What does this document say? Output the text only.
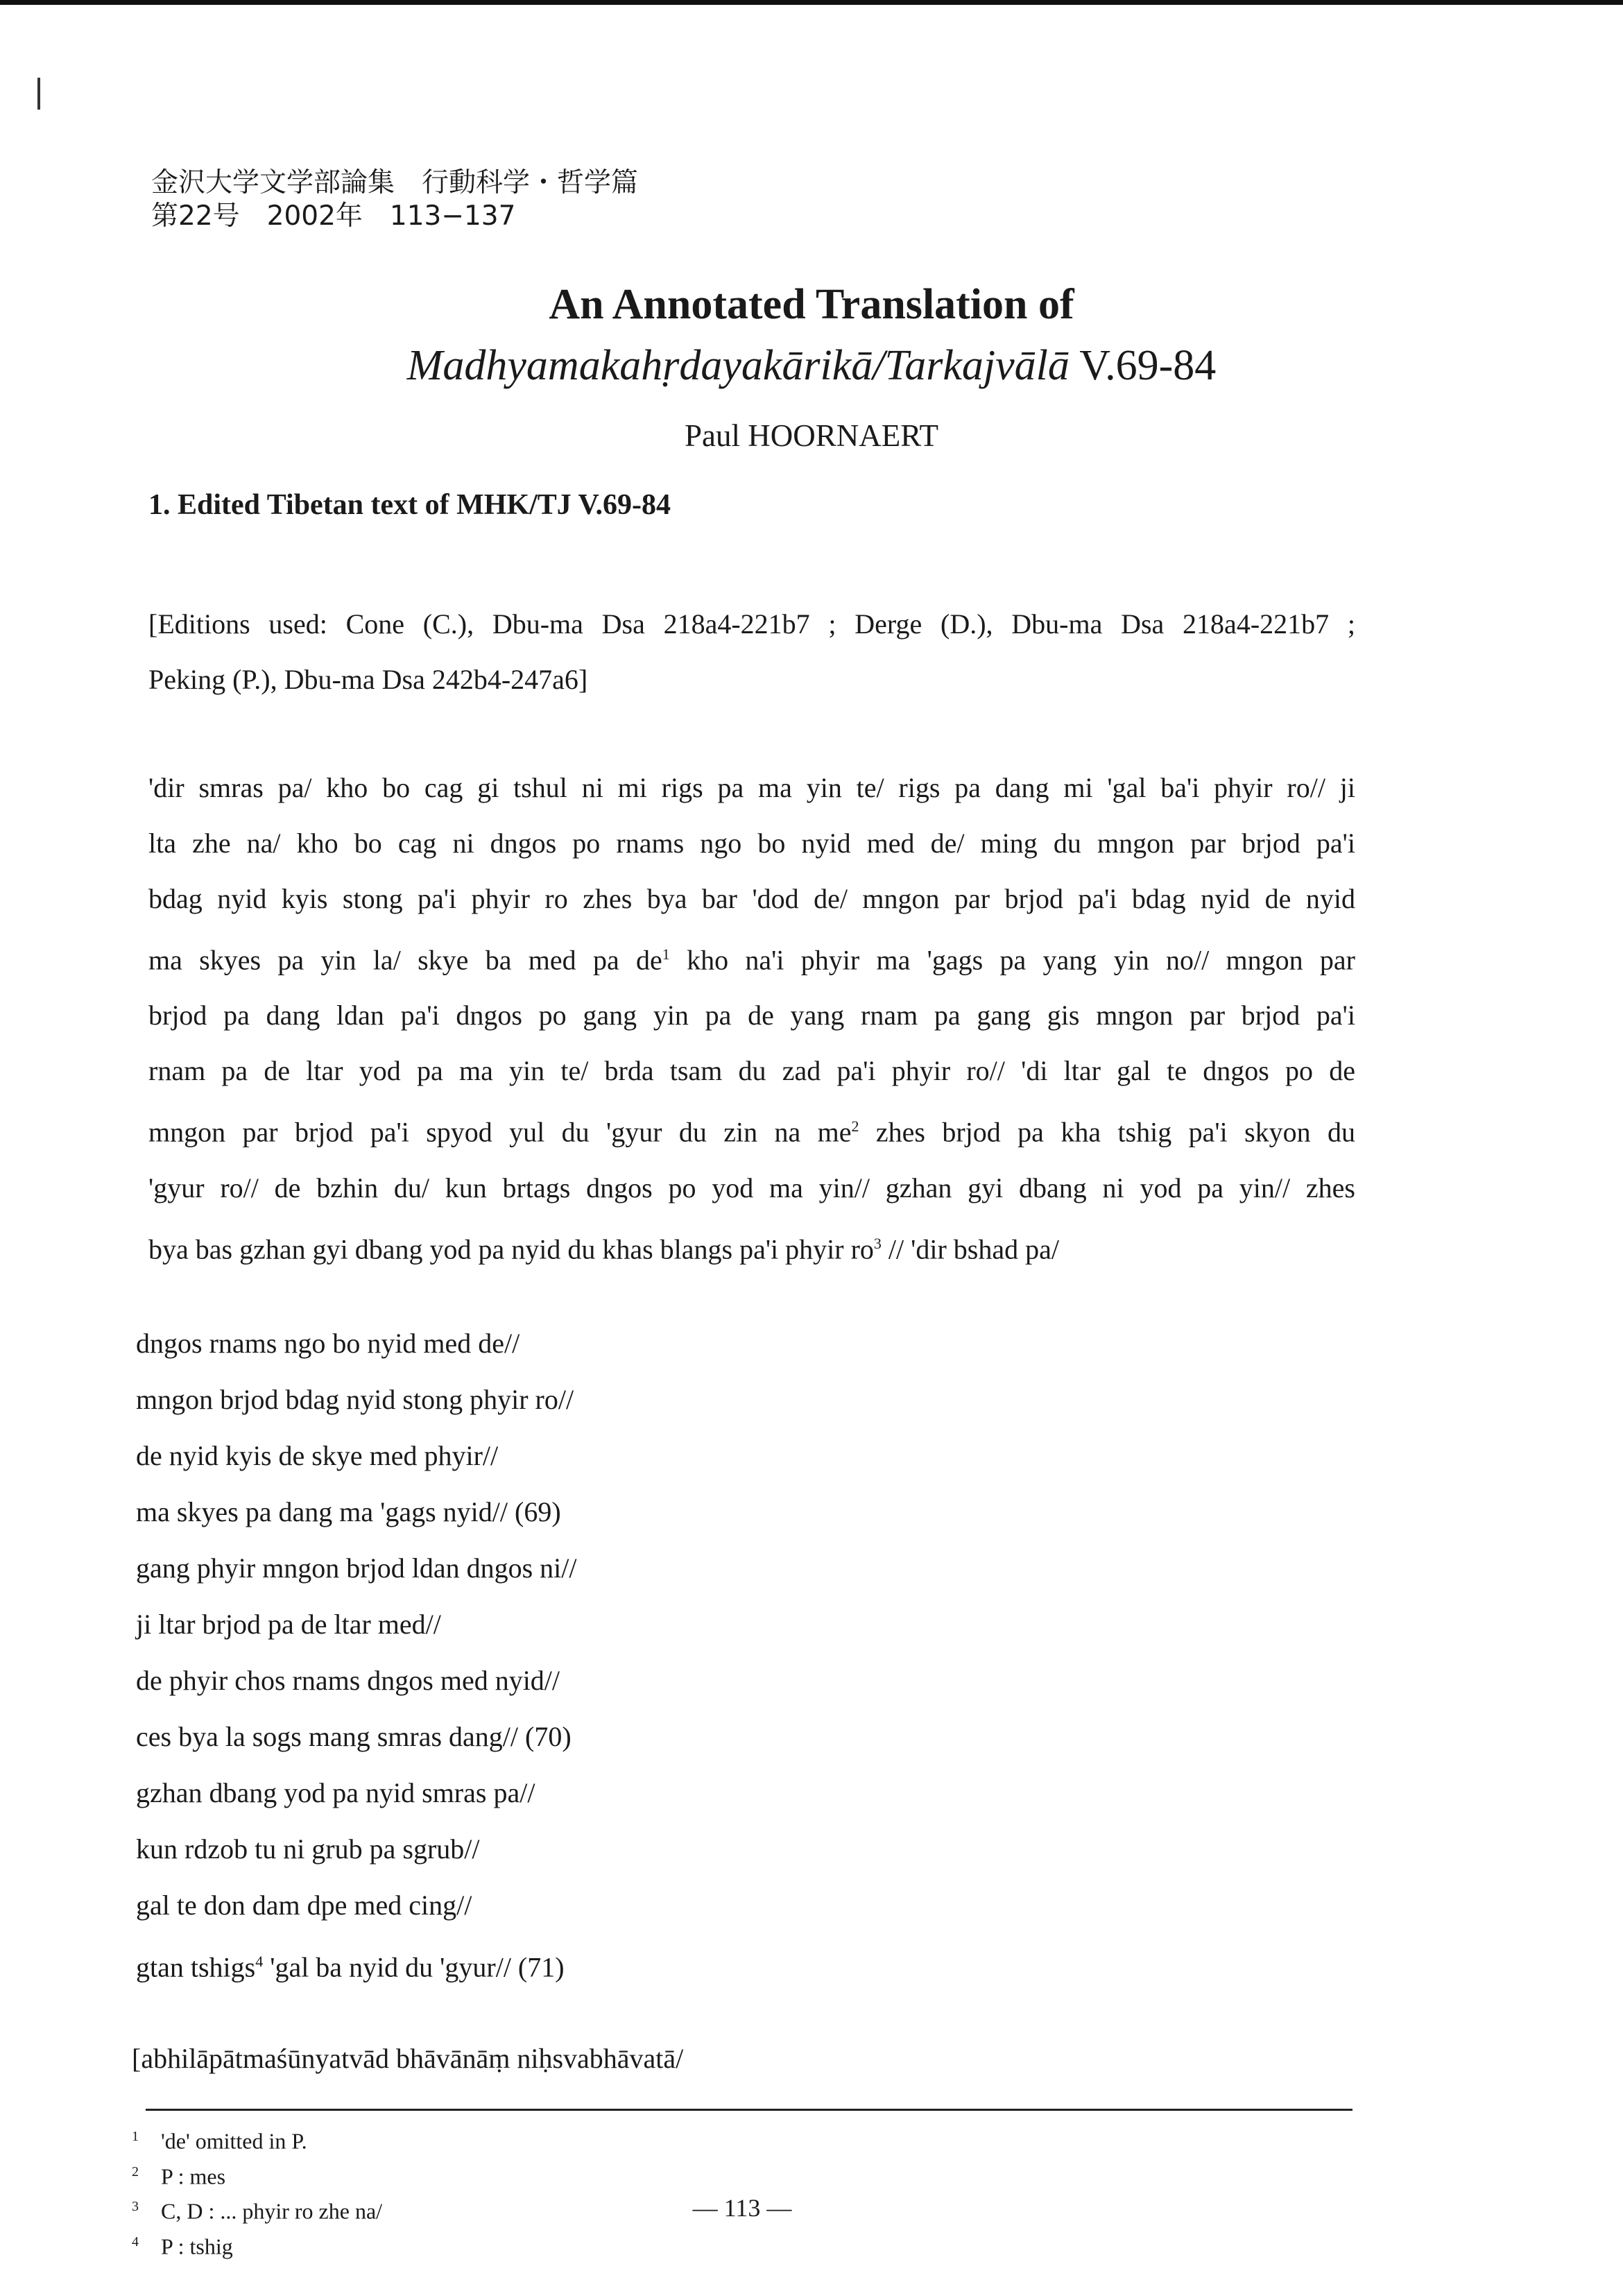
金沢大学文学部論集　行動科学・哲学篇
第22号　2002年　113−137
An Annotated Translation of
Madhyamakahṛdayakārikā/Tarkajvālā V.69-84
Paul HOORNAERT
1. Edited Tibetan text of MHK/TJ V.69-84

[Editions used: Cone (C.), Dbu-ma Dsa 218a4-221b7 ; Derge (D.), Dbu-ma Dsa 218a4-221b7 ;

Peking (P.), Dbu-ma Dsa 242b4-247a6]

'dir smras pa/ kho bo cag gi tshul ni mi rigs pa ma yin te/ rigs pa dang mi 'gal ba'i phyir ro// ji
lta zhe na/ kho bo cag ni dngos po rnams ngo bo nyid med de/ ming du mngon par brjod pa'i
bdag nyid kyis stong pa'i phyir ro zhes bya bar 'dod de/ mngon par brjod pa'i bdag nyid de nyid
ma skyes pa yin la/ skye ba med pa $de^1$ kho na'i phyir ma 'gags pa yang yin no// mngon par
brjod pa dang ldan pa'i dngos po gang yin pa de yang rnam pa gang gis mngon par brjod pa'i
rnam pa de ltar yod pa ma yin te/ brda tsam du zad pa'i phyir ro// 'di ltar gal te dngos po de
mngon par brjod pa'i spyod yul du 'gyur du zin na $me^2$ zhes brjod pa kha tshig pa'i skyon du
'gyur ro// de bzhin du/ kun brtags dngos po yod ma yin// gzhan gyi dbang ni yod pa yin// zhes
bya bas gzhan gyi dbang yod pa nyid du khas blangs pa'i phyir $ro^3$ // 'dir bshad pa/
dngos rnams ngo bo nyid med de//
mngon brjod bdag nyid stong phyir ro//
de nyid kyis de skye med phyir//
ma skyes pa dang ma 'gags nyid// (69)
gang phyir mngon brjod ldan dngos ni//
ji ltar brjod pa de ltar med//
de phyir chos rnams dngos med nyid//
ces bya la sogs mang smras dang// (70)
gzhan dbang yod pa nyid smras pa//
kun rdzob tu ni grub pa sgrub//
gal te don dam dpe med cing//
gtan tshigs$^4$ 'gal ba nyid du 'gyur// (71)
[abhilāpātmaśūnyatvād bhāvānāṃ niḥsvabhāvatā/
1 'de' omitted in P.
2 P : mes
3 C, D : ... phyir ro zhe na/
4 P : tshig
— 113 —
